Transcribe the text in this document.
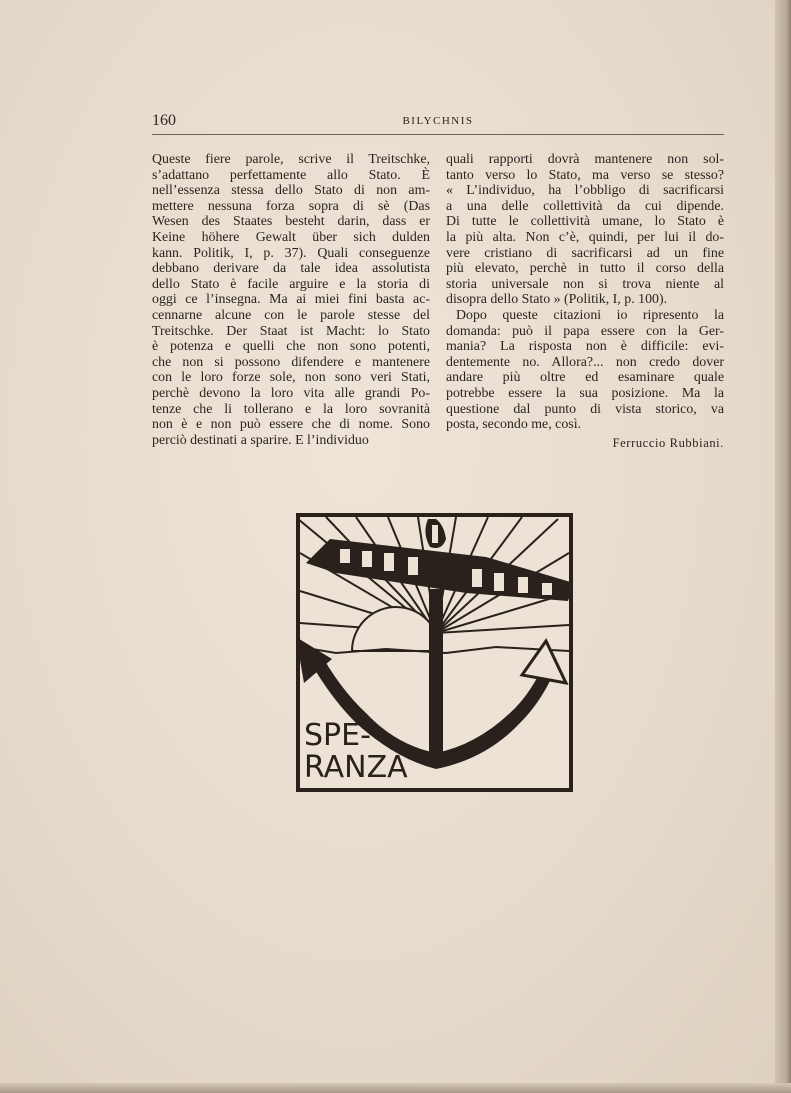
160	BILYCHNIS
Queste fiere parole, scrive il Treitschke,
s’adattano perfettamente allo Stato. È
nell’essenza stessa dello Stato di non am-
mettere nessuna forza sopra di sè (Das
Wesen des Staates besteht darin, dass er
Keine höhere Gewalt über sich dulden
kann. Politik, I, p. 37). Quali conseguenze
debbano derivare da tale idea assolutista
dello Stato è facile arguire e la storia di
oggi ce l’insegna. Ma ai miei fini basta ac-
cennarne alcune con le parole stesse del
Treitschke. Der Staat ist Macht: lo Stato
è potenza e quelli che non sono potenti,
che non si possono difendere e mantenere
con le loro forze sole, non sono veri Stati,
perchè devono la loro vita alle grandi Po-
tenze che li tollerano e la loro sovranità
non è e non può essere che di nome. Sono
perciò destinati a sparire. E l’individuo
quali rapporti dovrà mantenere non sol-
tanto verso lo Stato, ma verso se stesso?
« L’individuo, ha l’obbligo di sacrificarsi
a una delle collettività da cui dipende.
Di tutte le collettività umane, lo Stato è
la più alta. Non c’è, quindi, per lui il do-
vere cristiano di sacrificarsi ad un fine
più elevato, perchè in tutto il corso della
storia universale non si trova niente al
disopra dello Stato » (Politik, I, p. 100).
Dopo queste citazioni io ripresento la
domanda: può il papa essere con la Ger-
mania? La risposta non è difficile: evi-
dentemente no. Allora?... non credo dover
andare più oltre ed esaminare quale
potrebbe essere la sua posizione. Ma la
questione dal punto di vista storico, va
posta, secondo me, così.
Ferruccio Rubbiani.
SPE-
RANZA
